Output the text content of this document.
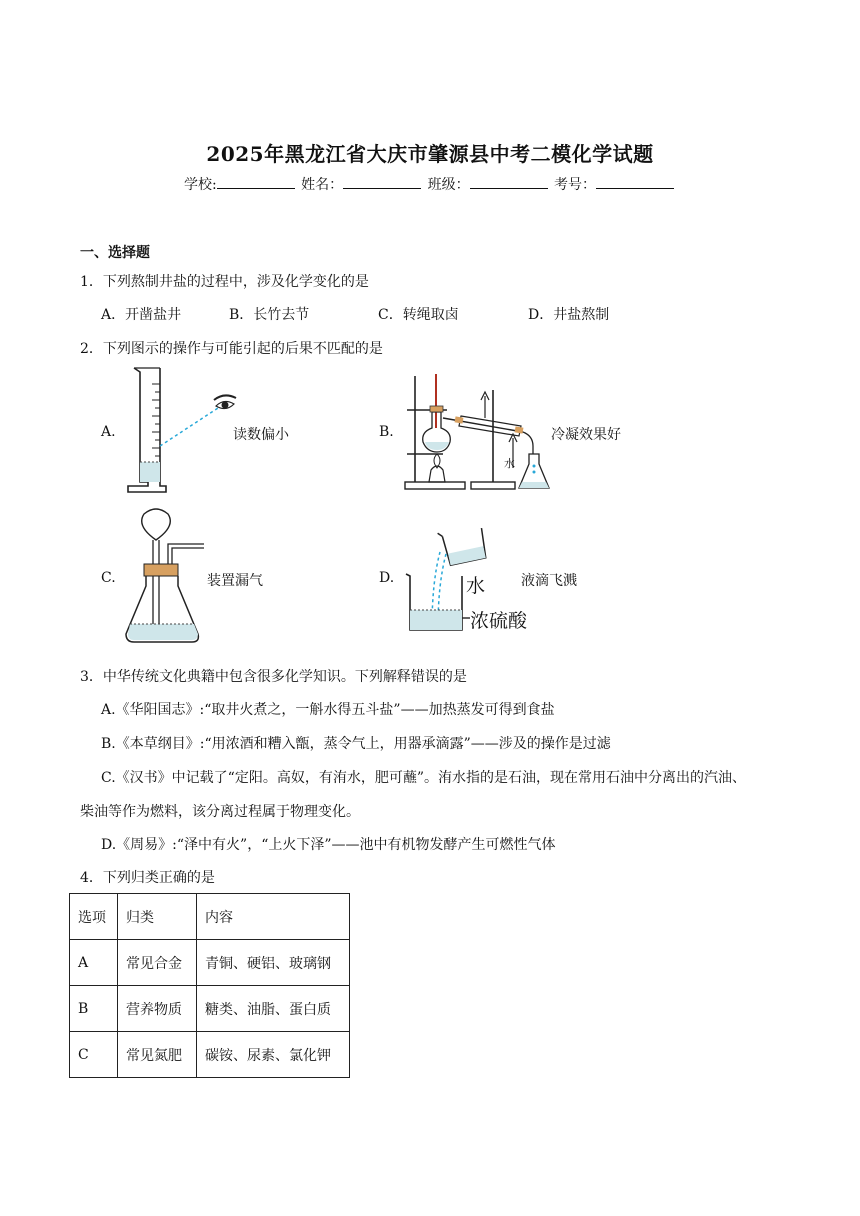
2025年黑龙江省大庆市肇源县中考二模化学试题
学校:	姓名：	班级：	考号：
一、选择题
1．下列熬制井盐的过程中，涉及化学变化的是
A．开凿盐井	B．长竹去节	C．转绳取卤	D．井盐熬制
2．下列图示的操作与可能引起的后果不匹配的是
A.	读数偏小	B.
水
冷凝效果好
C.	装置漏气	D.	水
浓硫酸
液滴飞溅
3．中华传统文化典籍中包含很多化学知识。下列解释错误的是
A.《华阳国志》:“取井火煮之，一斛水得五斗盐”——加热蒸发可得到食盐
B.《本草纲目》:“用浓酒和糟入甑，蒸令气上，用器承滴露”——涉及的操作是过滤
C.《汉书》中记载了“定阳。高奴，有洧水，肥可蘸”。洧水指的是石油，现在常用石油中分离出的汽油、
柴油等作为燃料，该分离过程属于物理变化。
D.《周易》:“泽中有火”，“上火下泽”——池中有机物发酵产生可燃性气体
4．下列归类正确的是
选项	归类	内容
A	常见合金	青铜、硬铝、玻璃钢
B	营养物质	糖类、油脂、蛋白质
C	常见氮肥	碳铵、尿素、氯化钾
